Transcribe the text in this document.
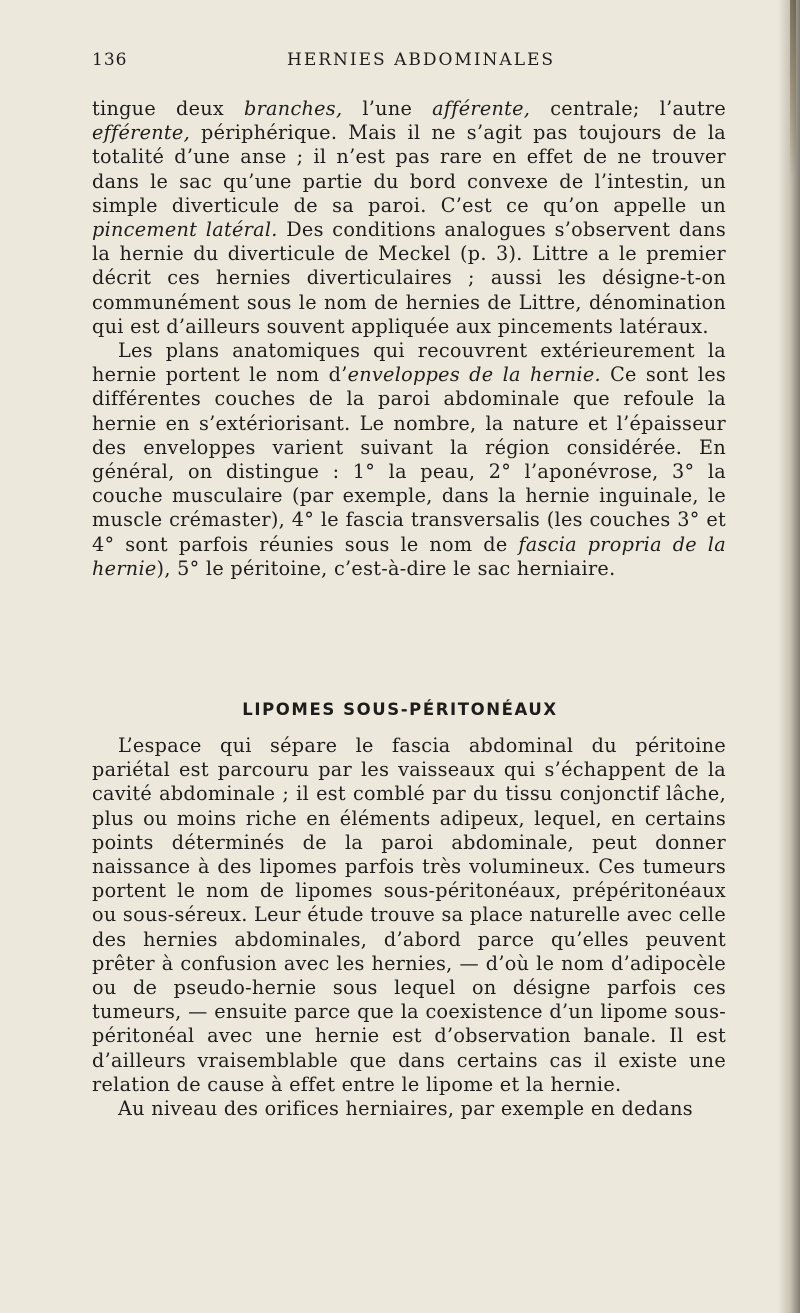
136	HERNIES ABDOMINALES

tingue deux branches, l’une afférente, centrale; l’autre efférente, périphérique. Mais il ne s’agit pas toujours de la totalité d’une anse ; il n’est pas rare en effet de ne trouver dans le sac qu’une partie du bord convexe de l’intestin, un simple diverticule de sa paroi. C’est ce qu’on appelle un pincement latéral. Des conditions analogues s’observent dans la hernie du diverticule de Meckel (p. 3). Littre a le premier décrit ces hernies diverticulaires ; aussi les désigne-t-on communément sous le nom de hernies de Littre, dénomination qui est d’ailleurs souvent appliquée aux pincements latéraux.

Les plans anatomiques qui recouvrent extérieurement la hernie portent le nom d’enveloppes de la hernie. Ce sont les différentes couches de la paroi abdominale que refoule la hernie en s’extériorisant. Le nombre, la nature et l’épaisseur des enveloppes varient suivant la région considérée. En général, on distingue : 1° la peau, 2° l’aponévrose, 3° la couche musculaire (par exemple, dans la hernie inguinale, le muscle crémaster), 4° le fascia transversalis (les couches 3° et 4° sont parfois réunies sous le nom de fascia propria de la hernie), 5° le péritoine, c’est-à-dire le sac herniaire.

LIPOMES SOUS-PÉRITONÉAUX

L’espace qui sépare le fascia abdominal du péritoine pariétal est parcouru par les vaisseaux qui s’échappent de la cavité abdominale ; il est comblé par du tissu conjonctif lâche, plus ou moins riche en éléments adipeux, lequel, en certains points déterminés de la paroi abdominale, peut donner naissance à des lipomes parfois très volumineux. Ces tumeurs portent le nom de lipomes sous-péritonéaux, prépéritonéaux ou sous-séreux. Leur étude trouve sa place naturelle avec celle des hernies abdominales, d’abord parce qu’elles peuvent prêter à confusion avec les hernies, — d’où le nom d’adipocèle ou de pseudo-hernie sous lequel on désigne parfois ces tumeurs, — ensuite parce que la coexistence d’un lipome sous-péritonéal avec une hernie est d’observation banale. Il est d’ailleurs vraisemblable que dans certains cas il existe une relation de cause à effet entre le lipome et la hernie.

Au niveau des orifices herniaires, par exemple en dedans
